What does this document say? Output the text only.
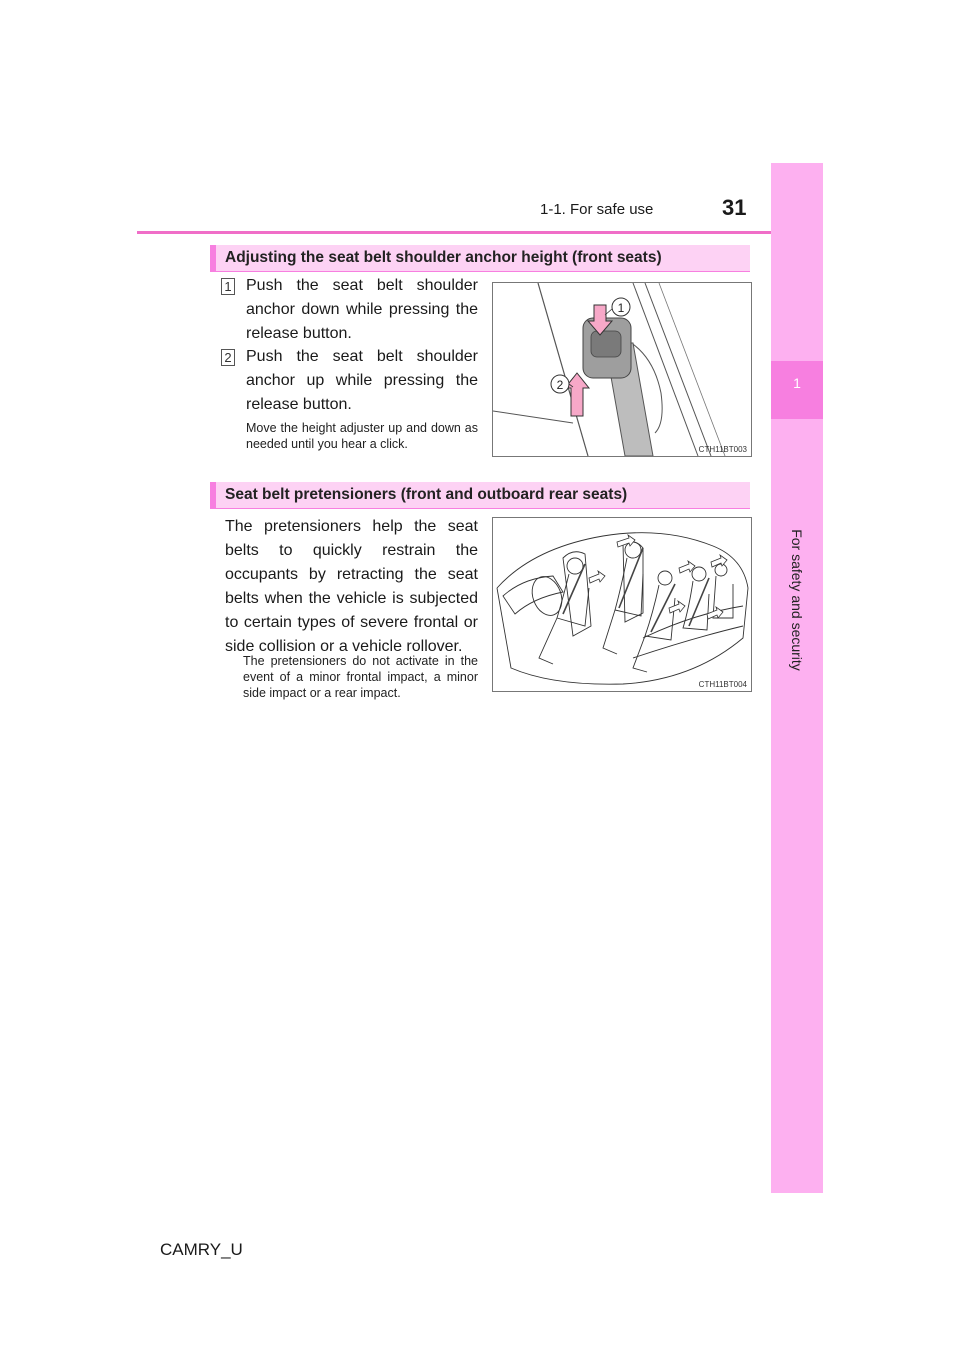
1-1. For safe use	31
1
For safety and security
Adjusting the seat belt shoulder anchor height (front seats)
1 Push the seat belt shoulder anchor down while pressing the release button.
2 Push the seat belt shoulder anchor up while pressing the release button.
Move the height adjuster up and down as needed until you hear a click.
1
2
CTH11BT003
Seat belt pretensioners (front and outboard rear seats)
The pretensioners help the seat belts to quickly restrain the occupants by retracting the seat belts when the vehicle is subjected to certain types of severe frontal or side collision or a vehicle rollover.
The pretensioners do not activate in the event of a minor frontal impact, a minor side impact or a rear impact.
CTH11BT004
CAMRY_U
